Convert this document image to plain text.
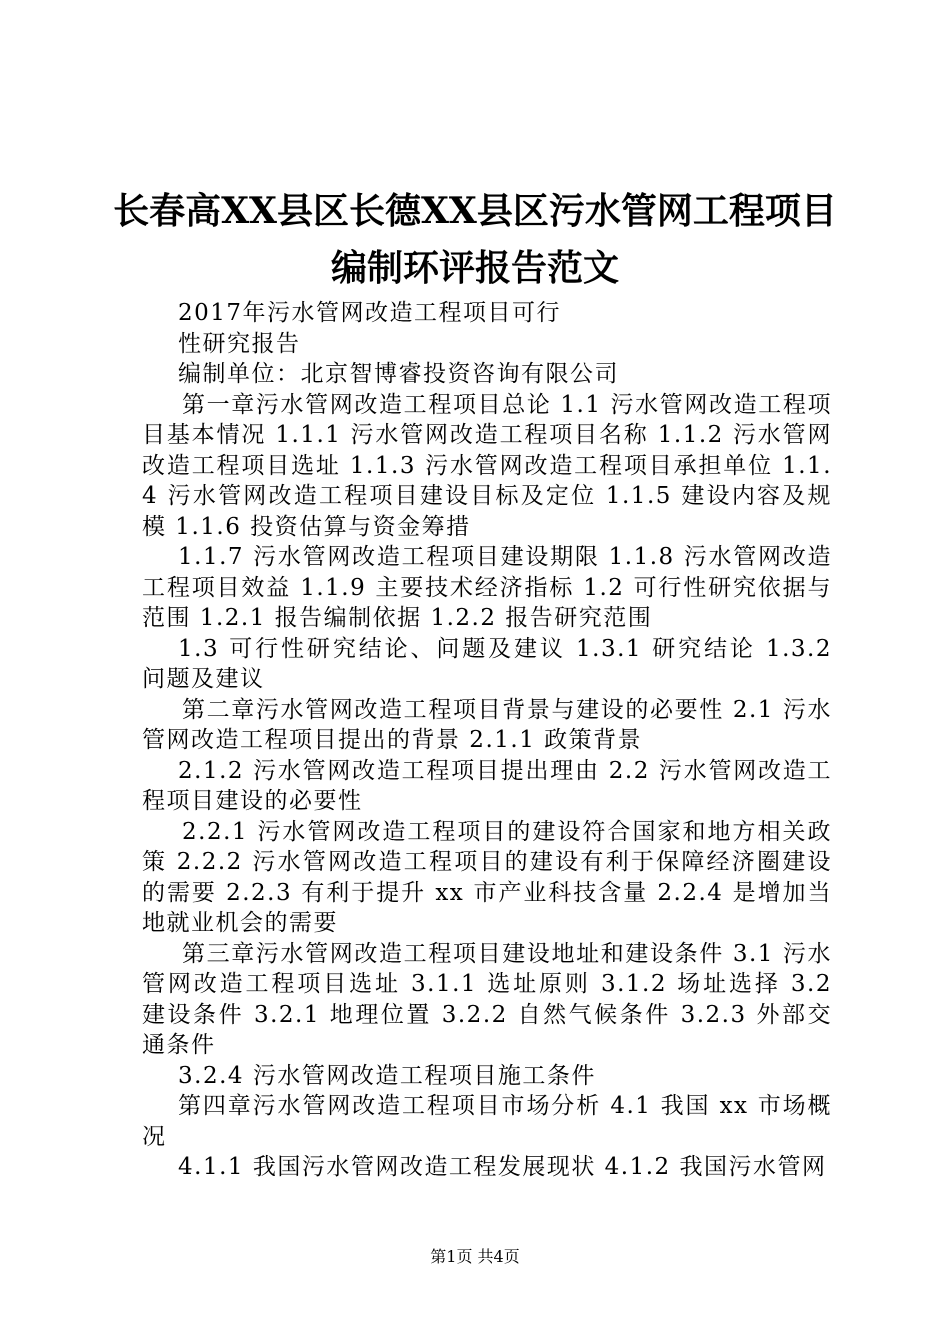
长春高XX县区长德XX县区污水管网工程项目
编制环评报告范文

2017年污水管网改造工程项目可行

性研究报告

编制单位：北京智博睿投资咨询有限公司

第一章污水管网改造工程项目总论 1.1 污水管网改造工程项目基本情况 1.1.1 污水管网改造工程项目名称 1.1.2 污水管网改造工程项目选址 1.1.3 污水管网改造工程项目承担单位 1.1.4 污水管网改造工程项目建设目标及定位 1.1.5 建设内容及规模 1.1.6 投资估算与资金筹措

1.1.7 污水管网改造工程项目建设期限 1.1.8 污水管网改造工程项目效益 1.1.9 主要技术经济指标 1.2 可行性研究依据与范围 1.2.1 报告编制依据 1.2.2 报告研究范围

1.3 可行性研究结论、问题及建议 1.3.1 研究结论 1.3.2 问题及建议

第二章污水管网改造工程项目背景与建设的必要性 2.1 污水管网改造工程项目提出的背景 2.1.1 政策背景

2.1.2 污水管网改造工程项目提出理由 2.2 污水管网改造工程项目建设的必要性

2.2.1 污水管网改造工程项目的建设符合国家和地方相关政策 2.2.2 污水管网改造工程项目的建设有利于保障经济圈建设的需要 2.2.3 有利于提升 xx 市产业科技含量 2.2.4 是增加当地就业机会的需要

第三章污水管网改造工程项目建设地址和建设条件 3.1 污水管网改造工程项目选址 3.1.1 选址原则 3.1.2 场址选择 3.2 建设条件 3.2.1 地理位置 3.2.2 自然气候条件 3.2.3 外部交通条件

3.2.4 污水管网改造工程项目施工条件

第四章污水管网改造工程项目市场分析 4.1 我国 xx 市场概况

4.1.1 我国污水管网改造工程发展现状 4.1.2 我国污水管网

第1页 共4页
